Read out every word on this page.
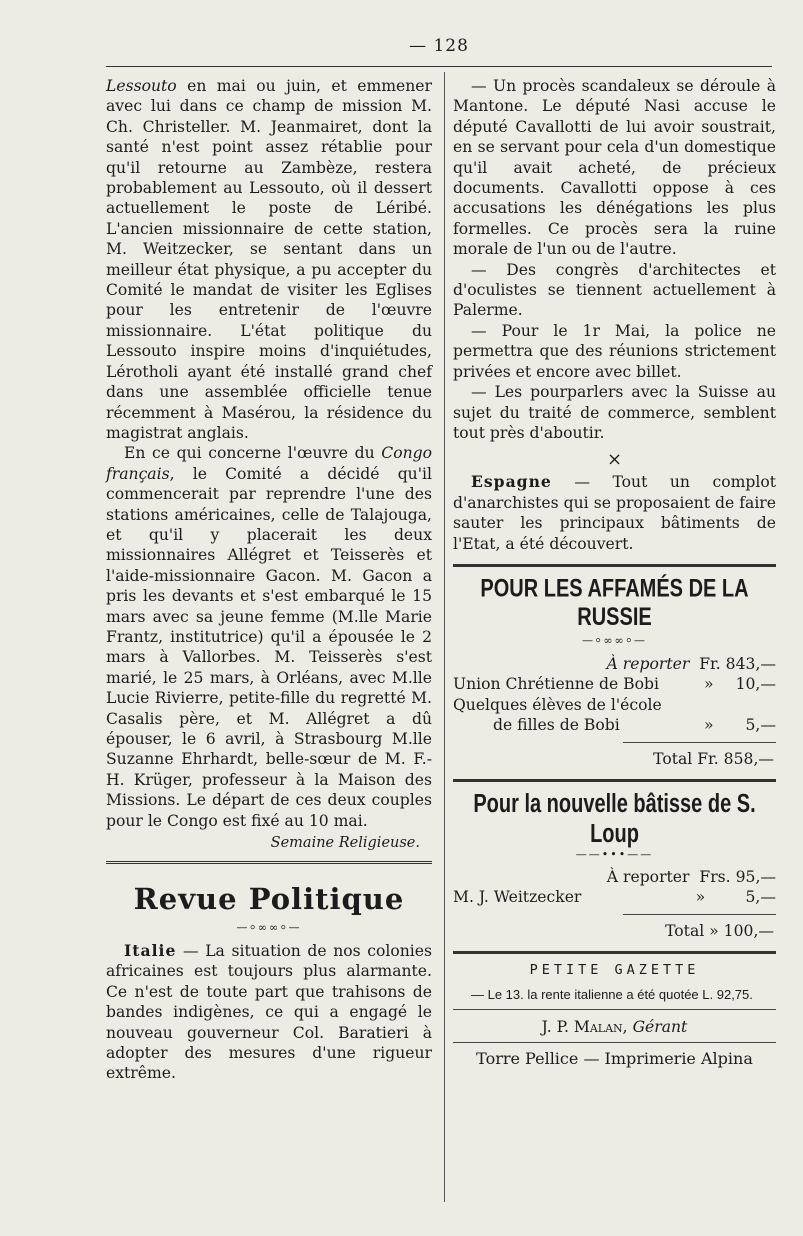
— 128

Lessouto en mai ou juin, et emmener avec lui dans ce champ de mission M. Ch. Christeller. M. Jeanmairet, dont la santé n'est point assez rétablie pour qu'il retourne au Zambèze, restera probablement au Lessouto, où il dessert actuellement le poste de Léribé. L'ancien missionnaire de cette station, M. Weitzecker, se sentant dans un meilleur état physique, a pu accepter du Comité le mandat de visiter les Eglises pour les entretenir de l'œuvre missionnaire. L'état politique du Lessouto inspire moins d'inquiétudes, Lérotholi ayant été installé grand chef dans une assemblée officielle tenue récemment à Masérou, la résidence du magistrat anglais.

En ce qui concerne l'œuvre du Congo français, le Comité a décidé qu'il commencerait par reprendre l'une des stations américaines, celle de Talajouga, et qu'il y placerait les deux missionnaires Allégret et Teisserès et l'aide-missionnaire Gacon. M. Gacon a pris les devants et s'est embarqué le 15 mars avec sa jeune femme (M.lle Marie Frantz, institutrice) qu'il a épousée le 2 mars à Vallorbes. M. Teisserès s'est marié, le 25 mars, à Orléans, avec M.lle Lucie Rivierre, petite-fille du regretté M. Casalis père, et M. Allégret a dû épouser, le 6 avril, à Strasbourg M.lle Suzanne Ehrhardt, belle-sœur de M. F.-H. Krüger, professeur à la Maison des Missions. Le départ de ces deux couples pour le Congo est fixé au 10 mai.

Semaine Religieuse.
Revue Politique
—⸰∞∞⸰—

Italie — La situation de nos colonies africaines est toujours plus alarmante. Ce n'est de toute part que trahisons de bandes indigènes, ce qui a engagé le nouveau gouverneur Col. Baratieri à adopter des mesures d'une rigueur extrême.

— Un procès scandaleux se déroule à Mantone. Le député Nasi accuse le député Cavallotti de lui avoir soustrait, en se servant pour cela d'un domestique qu'il avait acheté, de précieux documents. Cavallotti oppose à ces accusations les dénégations les plus formelles. Ce procès sera la ruine morale de l'un ou de l'autre.

— Des congrès d'architectes et d'oculistes se tiennent actuellement à Palerme.

— Pour le 1r Mai, la police ne permettra que des réunions strictement privées et encore avec billet.

— Les pourparlers avec la Suisse au sujet du traité de commerce, semblent tout près d'aboutir.

×

Espagne — Tout un complot d'anarchistes qui se proposaient de faire sauter les principaux bâtiments de l'Etat, a été découvert.

POUR LES AFFAMÉS DE LA RUSSIE
—⸰∞∞⸰—
À reporter Fr. 843,—
Union Chrétienne de Bobi	»	10,—
Quelques élèves de l'école		
de filles de Bobi	»	5,—
Total Fr. 858,—
Pour la nouvelle bâtisse de S. Loup
——•••——
À reporter Frs. 95,—
M. J. Weitzecker	»	5,—
Total » 100,—
PETITE GAZETTE

— Le 13. la rente italienne a été quotée L. 92,75.

J. P. Malan, Gérant
Torre Pellice — Imprimerie Alpina
